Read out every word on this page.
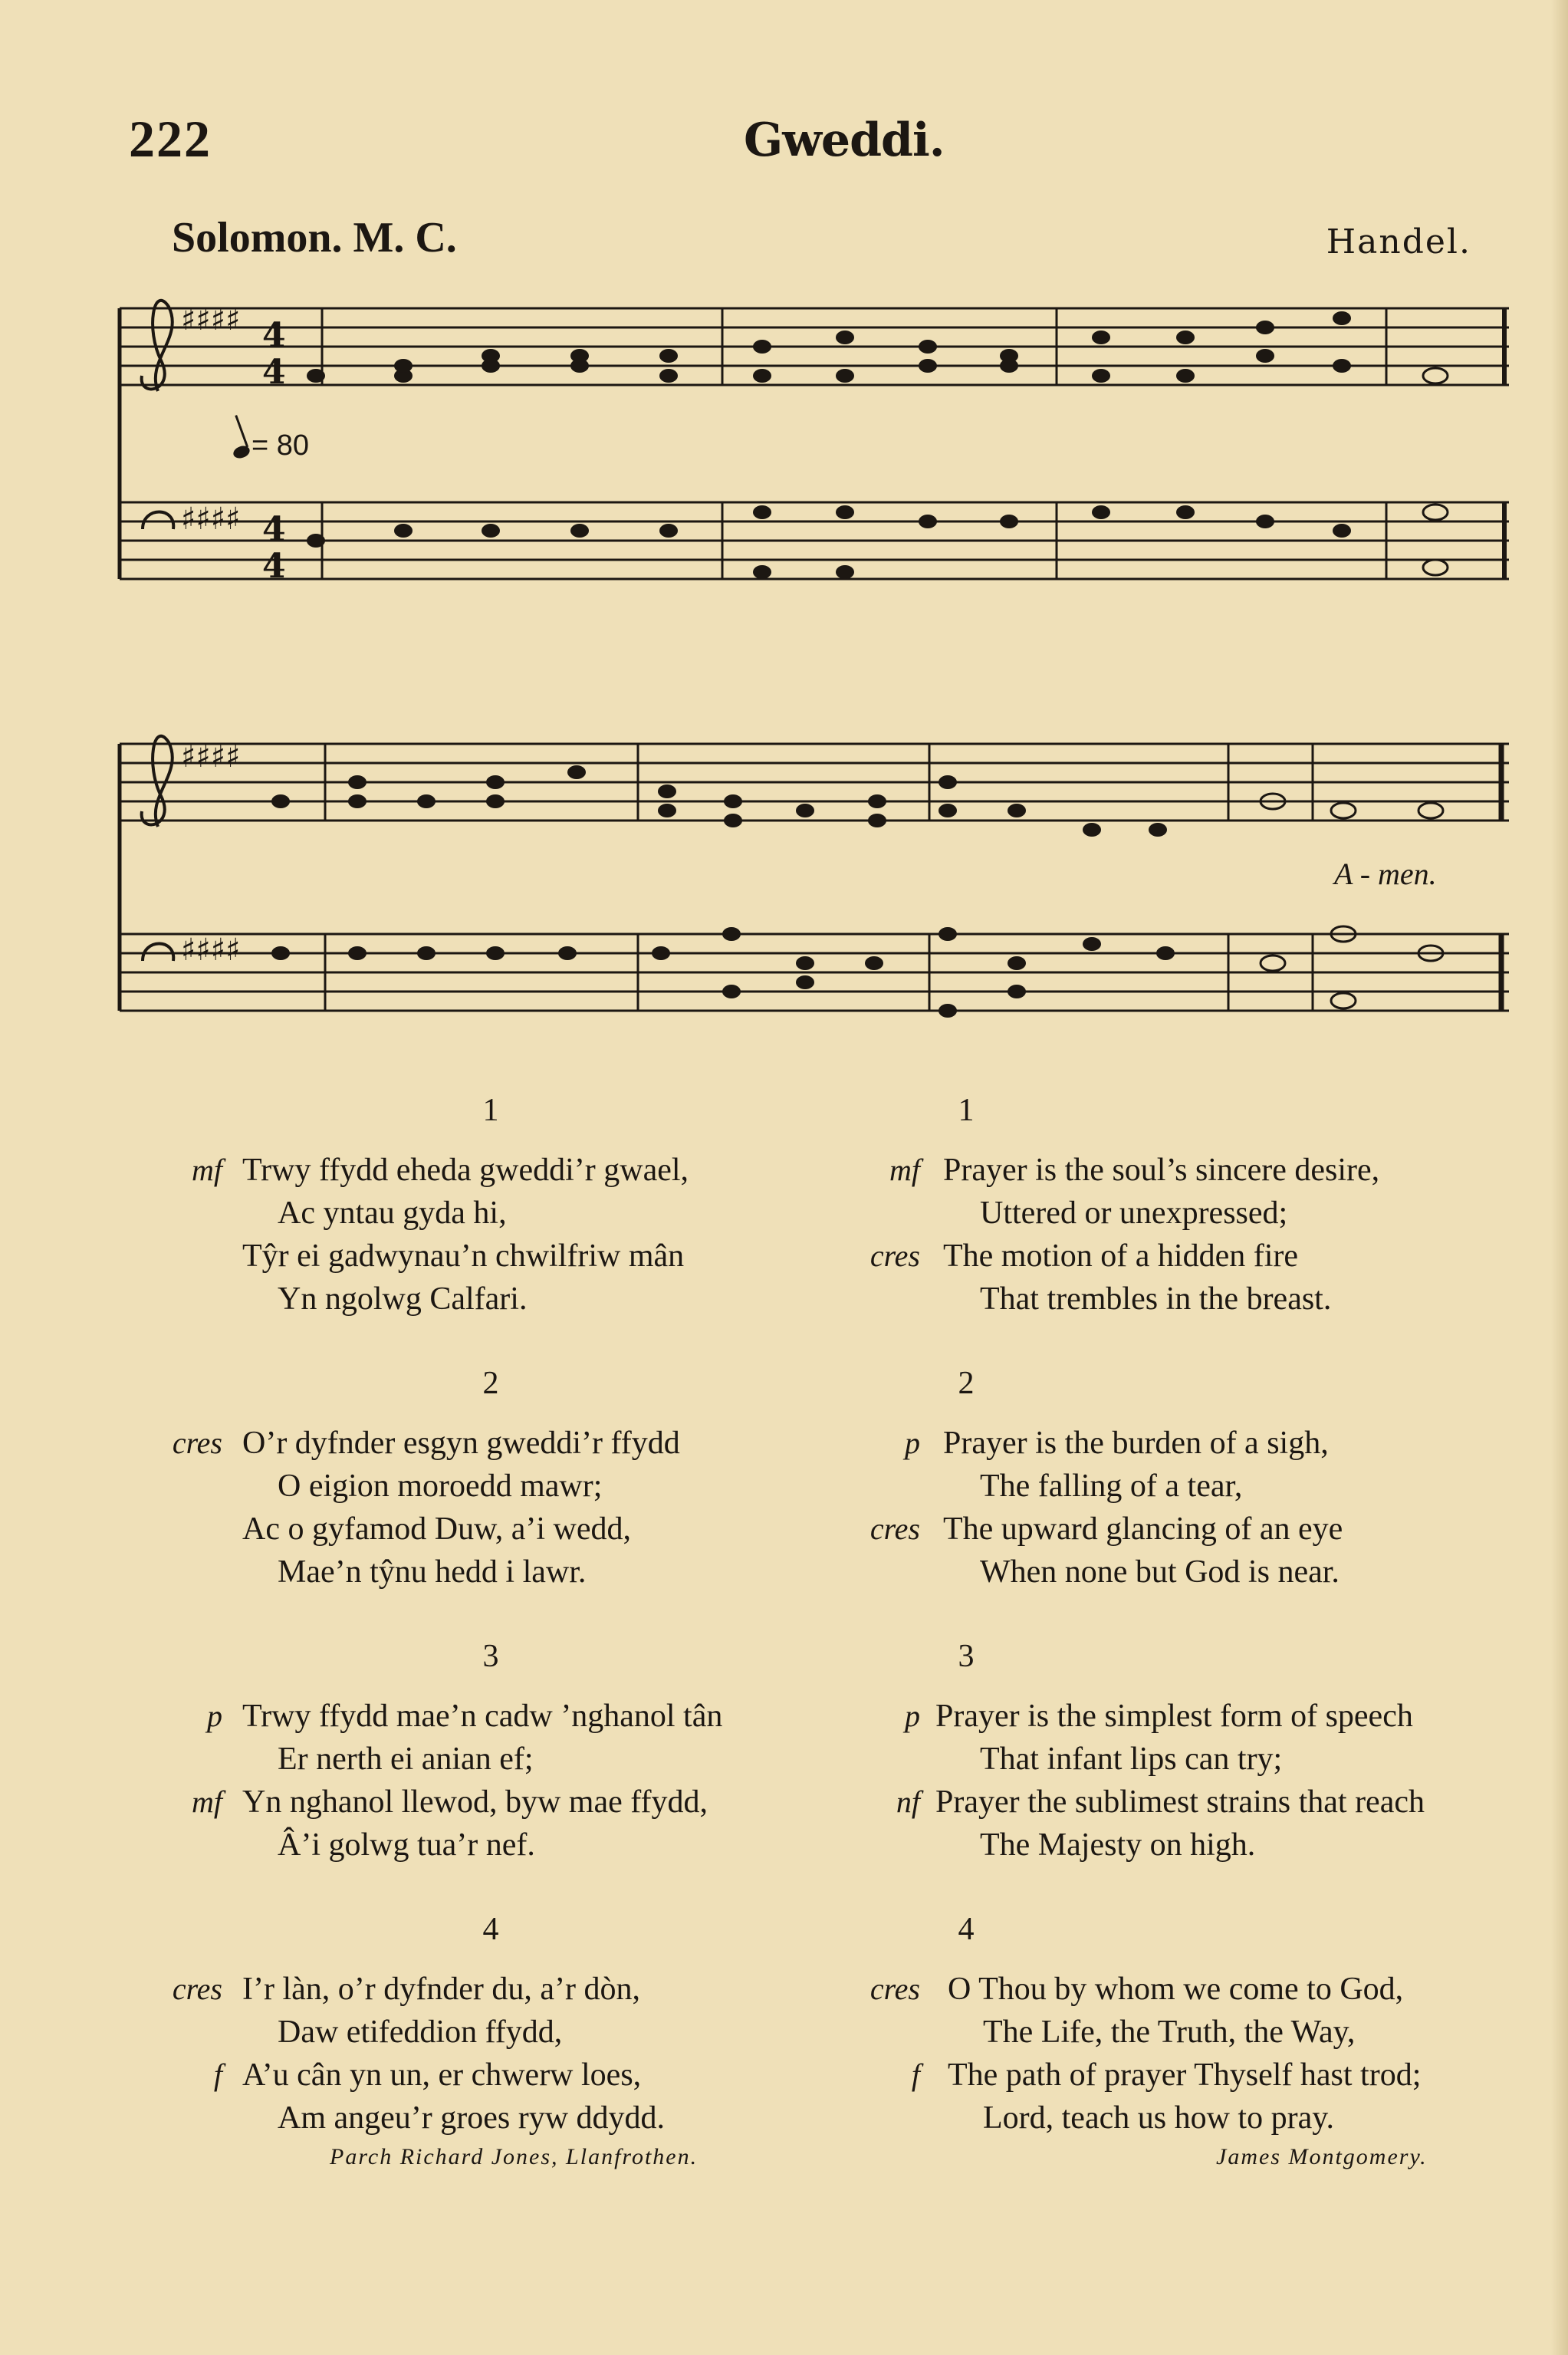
222	Gweddi.
Solomon. M. C.	Handel.
= 80
♯♯♯♯
♯♯♯♯
♯♯♯♯
♯♯♯♯
4
4
4
4
A - men.
1
mf Trwy ffydd eheda gweddi’r gwael,
Ac yntau gyda hi,
Tŷr ei gadwynau’n chwilfriw mân
Yn ngolwg Calfari.
2
cres O’r dyfnder esgyn gweddi’r ffydd
O eigion moroedd mawr;
Ac o gyfamod Duw, a’i wedd,
Mae’n tŷnu hedd i lawr.
3
p Trwy ffydd mae’n cadw ’nghanol tân
Er nerth ei anian ef;
mf Yn nghanol llewod, byw mae ffydd,
Â’i golwg tua’r nef.
4
cres I’r làn, o’r dyfnder du, a’r dòn,
Daw etifeddion ffydd,
f A’u cân yn un, er chwerw loes,
Am angeu’r groes ryw ddydd.
Parch Richard Jones, Llanfrothen.
1
mf Prayer is the soul’s sincere desire,
Uttered or unexpressed;
cres The motion of a hidden fire
That trembles in the breast.
2
p Prayer is the burden of a sigh,
The falling of a tear,
cres The upward glancing of an eye
When none but God is near.
3
p Prayer is the simplest form of speech
That infant lips can try;
nf Prayer the sublimest strains that reach
The Majesty on high.
4
cres O Thou by whom we come to God,
The Life, the Truth, the Way,
f The path of prayer Thyself hast trod;
Lord, teach us how to pray.
James Montgomery.
